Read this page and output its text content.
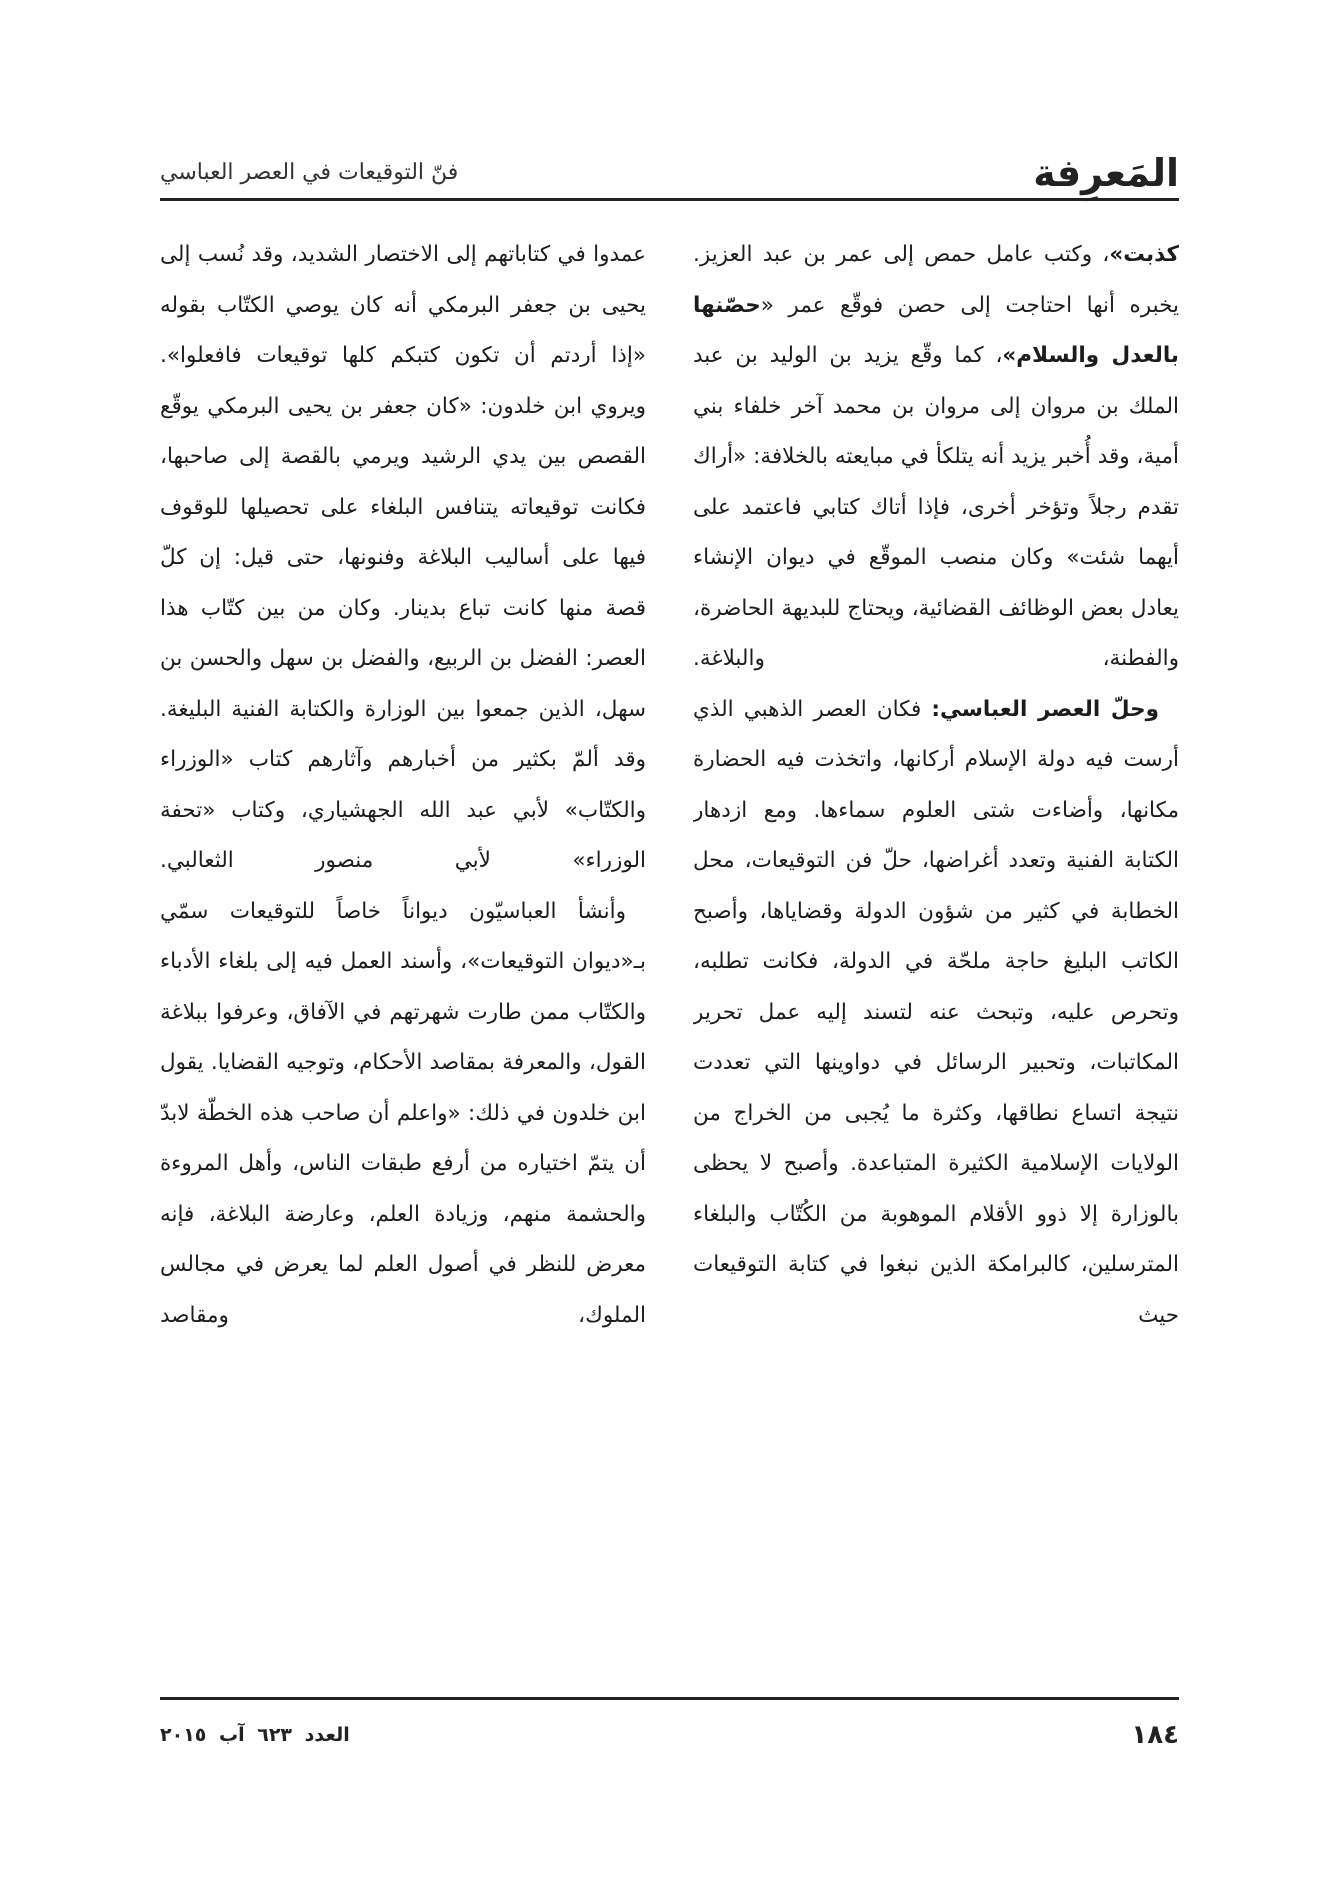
المَعرِفة
فنّ التوقيعات في العصر العباسي

كذبت»، وكتب عامل حمص إلى عمر بن عبد العزيز. يخبره أنها احتاجت إلى حصن فوقّع عمر «حصّنها بالعدل والسلام»، كما وقّع يزيد بن الوليد بن عبد الملك بن مروان إلى مروان بن محمد آخر خلفاء بني أمية، وقد أُخبر يزيد أنه يتلكأ في مبايعته بالخلافة: «أراك تقدم رجلاً وتؤخر أخرى، فإذا أتاك كتابي فاعتمد على أيهما شئت» وكان منصب الموقّع في ديوان الإنشاء يعادل بعض الوظائف القضائية، ويحتاج للبديهة الحاضرة، والفطنة، والبلاغة.

وحلّ العصر العباسي: فكان العصر الذهبي الذي أرست فيه دولة الإسلام أركانها، واتخذت فيه الحضارة مكانها، وأضاءت شتى العلوم سماءها. ومع ازدهار الكتابة الفنية وتعدد أغراضها، حلّ فن التوقيعات، محل الخطابة في كثير من شؤون الدولة وقضاياها، وأصبح الكاتب البليغ حاجة ملحّة في الدولة، فكانت تطلبه، وتحرص عليه، وتبحث عنه لتسند إليه عمل تحرير المكاتبات، وتحبير الرسائل في دواوينها التي تعددت نتيجة اتساع نطاقها، وكثرة ما يُجبى من الخراج من الولايات الإسلامية الكثيرة المتباعدة. وأصبح لا يحظى بالوزارة إلا ذوو الأقلام الموهوبة من الكُتّاب والبلغاء المترسلين، كالبرامكة الذين نبغوا في كتابة التوقيعات حيث

عمدوا في كتاباتهم إلى الاختصار الشديد، وقد نُسب إلى يحيى بن جعفر البرمكي أنه كان يوصي الكتّاب بقوله «إذا أردتم أن تكون كتبكم كلها توقيعات فافعلوا». ويروي ابن خلدون: «كان جعفر بن يحيى البرمكي يوقّع القصص بين يدي الرشيد ويرمي بالقصة إلى صاحبها، فكانت توقيعاته يتنافس البلغاء على تحصيلها للوقوف فيها على أساليب البلاغة وفنونها، حتى قيل: إن كلّ قصة منها كانت تباع بدينار. وكان من بين كتّاب هذا العصر: الفضل بن الربيع، والفضل بن سهل والحسن بن سهل، الذين جمعوا بين الوزارة والكتابة الفنية البليغة. وقد ألمّ بكثير من أخبارهم وآثارهم كتاب «الوزراء والكتّاب» لأبي عبد الله الجهشياري، وكتاب «تحفة الوزراء» لأبي منصور الثعالبي.

وأنشأ العباسيّون ديواناً خاصاً للتوقيعات سمّي بـ«ديوان التوقيعات»، وأسند العمل فيه إلى بلغاء الأدباء والكتّاب ممن طارت شهرتهم في الآفاق، وعرفوا ببلاغة القول، والمعرفة بمقاصد الأحكام، وتوجيه القضايا. يقول ابن خلدون في ذلك: «واعلم أن صاحب هذه الخطّة لابدّ أن يتمّ اختياره من أرفع طبقات الناس، وأهل المروءة والحشمة منهم، وزيادة العلم، وعارضة البلاغة، فإنه معرض للنظر في أصول العلم لما يعرض في مجالس الملوك، ومقاصد

١٨٤
العدد ٦٢٣ آب ٢٠١٥
